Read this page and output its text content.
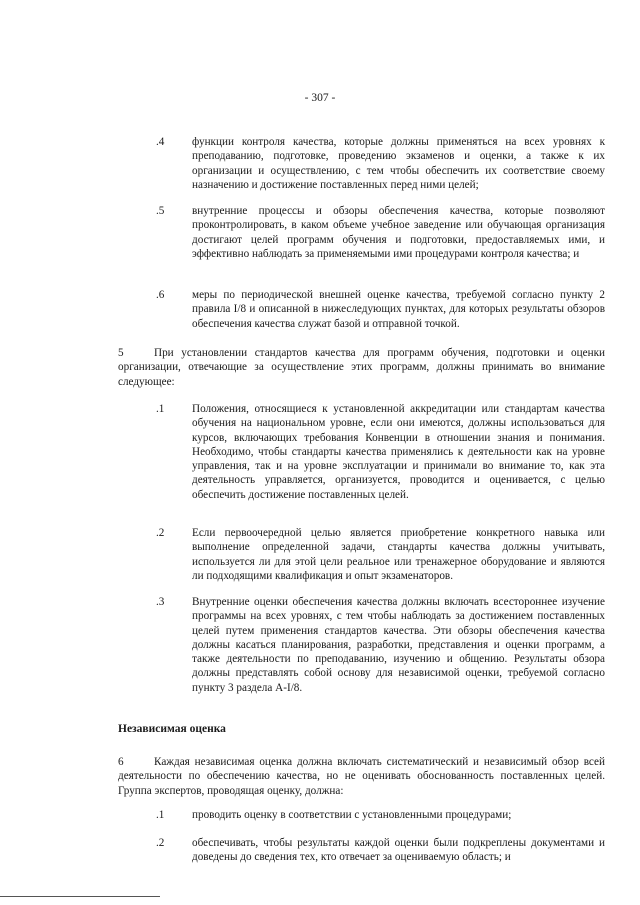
- 307 -
.4	функции контроля качества, которые должны применяться на всех уровнях к преподаванию, подготовке, проведению экзаменов и оценки, а также к их организации и осуществлению, с тем чтобы обеспечить их соответствие своему назначению и достижение поставленных перед ними целей;
.5	внутренние процессы и обзоры обеспечения качества, которые позволяют проконтролировать, в каком объеме учебное заведение или обучающая организация достигают целей программ обучения и подготовки, предоставляемых ими, и эффективно наблюдать за применяемыми ими процедурами контроля качества; и
.6	меры по периодической внешней оценке качества, требуемой согласно пункту 2 правила I/8 и описанной в нижеследующих пунктах, для которых результаты обзоров обеспечения качества служат базой и отправной точкой.
5	При установлении стандартов качества для программ обучения, подготовки и оценки организации, отвечающие за осуществление этих программ, должны принимать во внимание следующее:
.1	Положения, относящиеся к установленной аккредитации или стандартам качества обучения на национальном уровне, если они имеются, должны использоваться для курсов, включающих требования Конвенции в отношении знания и понимания. Необходимо, чтобы стандарты качества применялись к деятельности как на уровне управления, так и на уровне эксплуатации и принимали во внимание то, как эта деятельность управляется, организуется, проводится и оценивается, с целью обеспечить достижение поставленных целей.
.2	Если первоочередной целью является приобретение конкретного навыка или выполнение определенной задачи, стандарты качества должны учитывать, используется ли для этой цели реальное или тренажерное оборудование и являются ли подходящими квалификация и опыт экзаменаторов.
.3	Внутренние оценки обеспечения качества должны включать всестороннее изучение программы на всех уровнях, с тем чтобы наблюдать за достижением поставленных целей путем применения стандартов качества. Эти обзоры обеспечения качества должны касаться планирования, разработки, представления и оценки программ, а также деятельности по преподаванию, изучению и общению. Результаты обзора должны представлять собой основу для независимой оценки, требуемой согласно пункту 3 раздела A-I/8.
Независимая оценка
6	Каждая независимая оценка должна включать систематический и независимый обзор всей деятельности по обеспечению качества, но не оценивать обоснованность поставленных целей. Группа экспертов, проводящая оценку, должна:
.1	проводить оценку в соответствии с установленными процедурами;
.2	обеспечивать, чтобы результаты каждой оценки были подкреплены документами и доведены до сведения тех, кто отвечает за оцениваемую область; и
